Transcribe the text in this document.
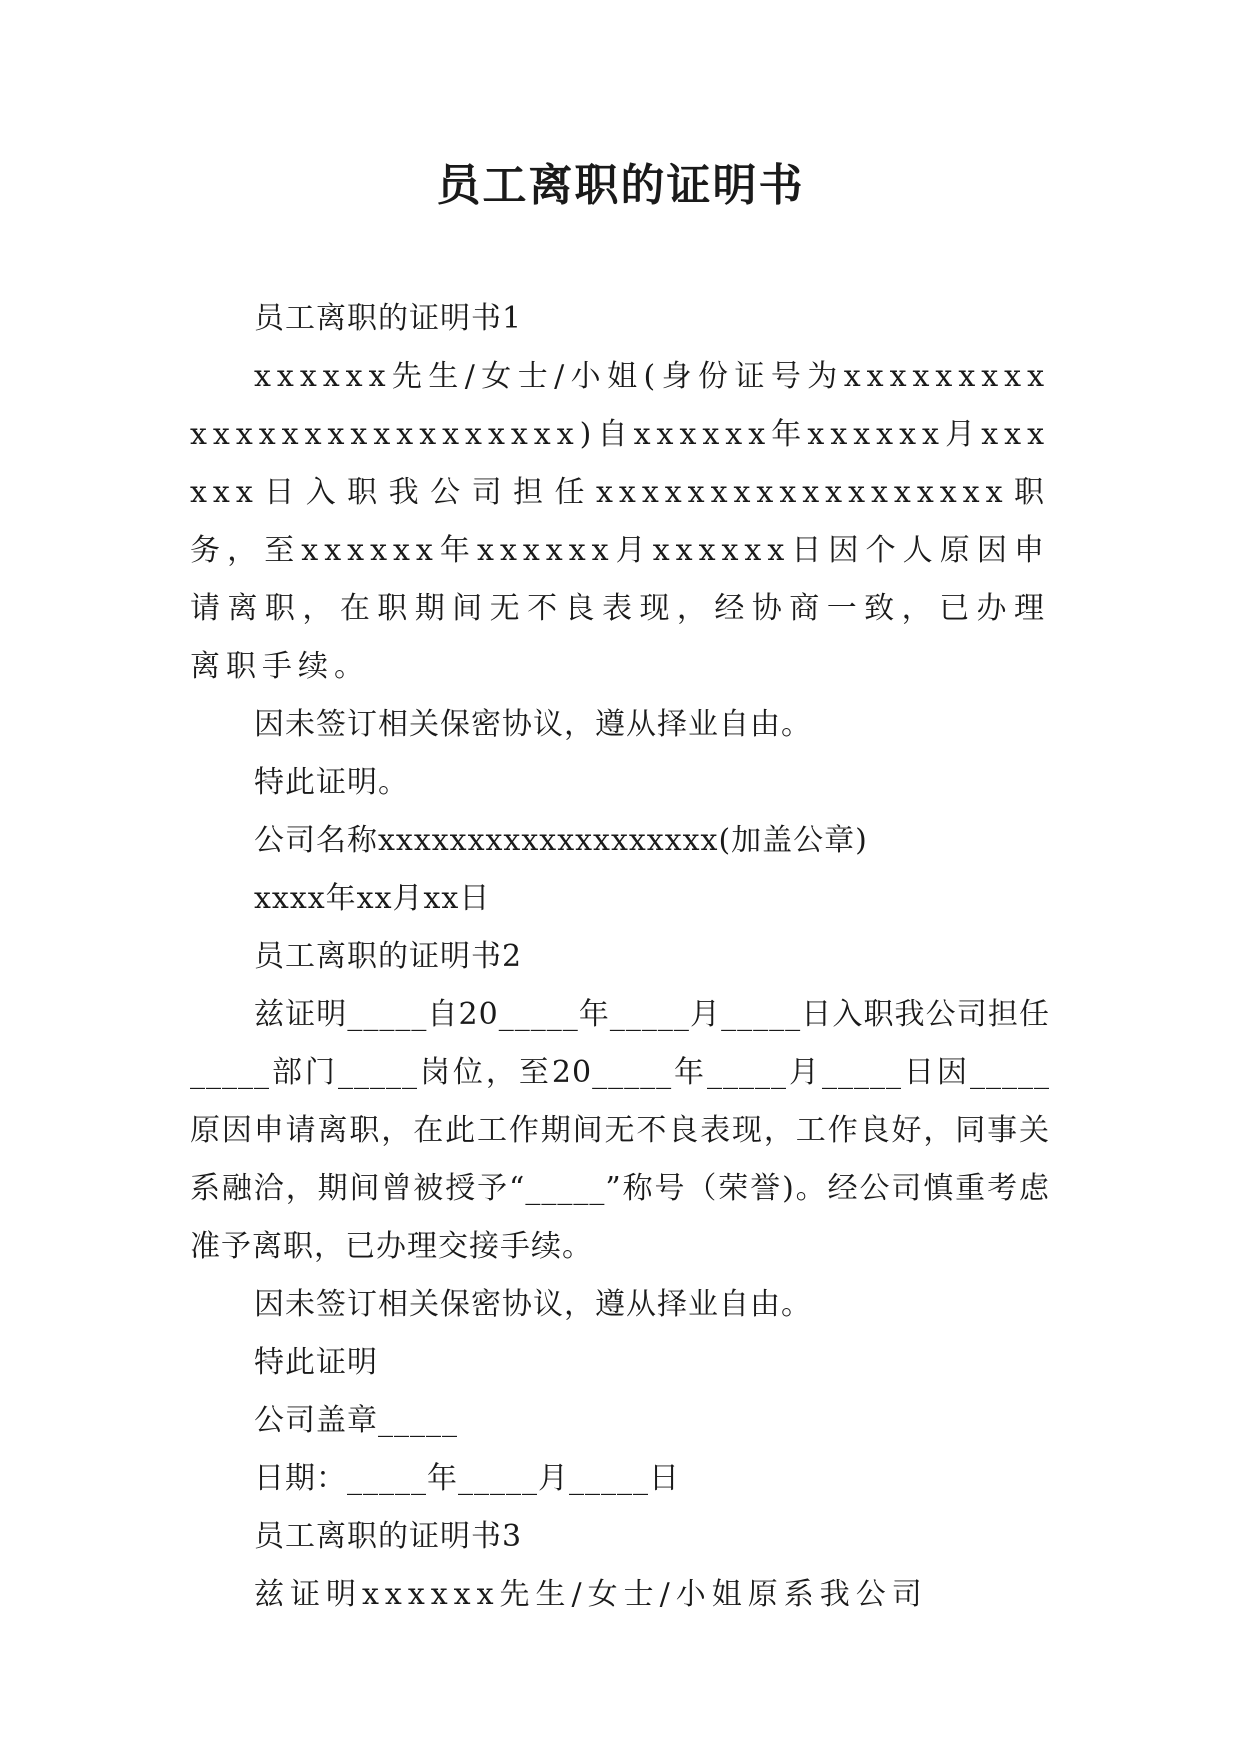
员工离职的证明书

员工离职的证明书1

xxxxxx先生/女士/小姐(身份证号为xxxxxxxxxxxxxxxxxxxxxxxxxx)自xxxxxx年xxxxxx月xxxxxx日入职我公司担任xxxxxxxxxxxxxxxxxx职务，至xxxxxx年xxxxxx月xxxxxx日因个人原因申请离职，在职期间无不良表现，经协商一致，已办理离职手续。

因未签订相关保密协议，遵从择业自由。

特此证明。

公司名称xxxxxxxxxxxxxxxxxxx(加盖公章)

xxxx年xx月xx日

员工离职的证明书2

兹证明_____自20_____年_____月_____日入职我公司担任_____部门_____岗位，至20_____年_____月_____日因_____原因申请离职，在此工作期间无不良表现，工作良好，同事关系融洽，期间曾被授予“_____”称号（荣誉)。经公司慎重考虑准予离职，已办理交接手续。

因未签订相关保密协议，遵从择业自由。

特此证明

公司盖章_____

日期：_____年_____月_____日

员工离职的证明书3

兹证明xxxxxx先生/女士/小姐原系我公司
